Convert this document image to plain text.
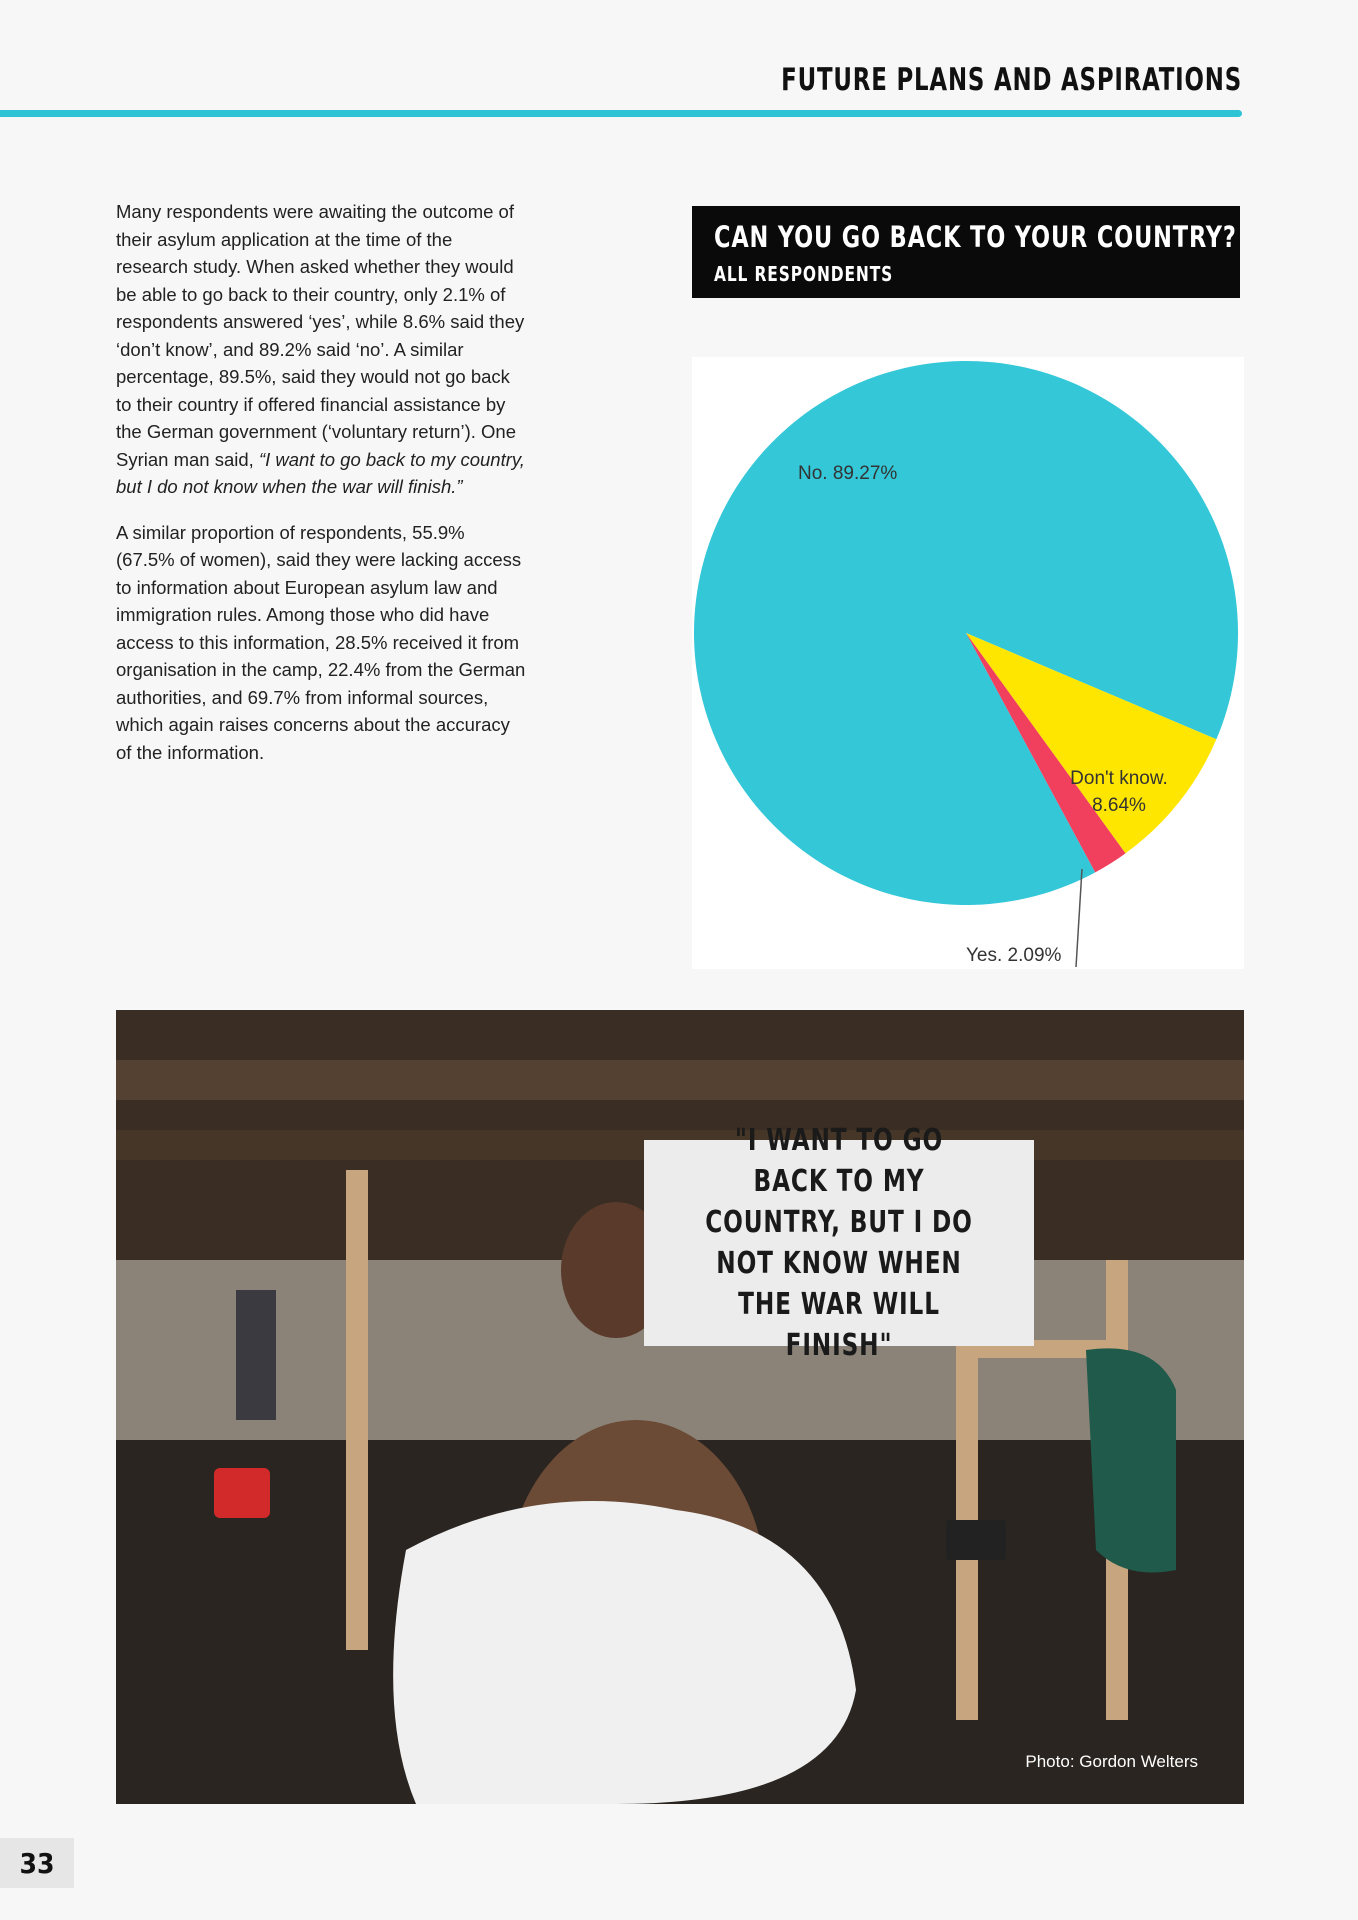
FUTURE PLANS AND ASPIRATIONS

Many respondents were awaiting the outcome of their asylum application at the time of the research study. When asked whether they would be able to go back to their country, only 2.1% of respondents answered ‘yes’, while 8.6% said they ‘don’t know’, and 89.2% said ‘no’. A similar percentage, 89.5%, said they would not go back to their country if offered financial assistance by the German government (‘voluntary return’). One Syrian man said, “I want to go back to my country, but I do not know when the war will finish.”

A similar proportion of respondents, 55.9% (67.5% of women), said they were lacking access to information about European asylum law and immigration rules. Among those who did have access to this information, 28.5% received it from organisation in the camp, 22.4% from the German authorities, and 69.7% from informal sources, which again raises concerns about the accuracy of the information.

CAN YOU GO BACK TO YOUR COUNTRY?
ALL RESPONDENTS
No. 89.27%
Don't know.
8.64%
Yes. 2.09%
"I WANT TO GO BACK TO MY COUNTRY, BUT I DO NOT KNOW WHEN THE WAR WILL FINISH"
Photo: Gordon Welters
33
